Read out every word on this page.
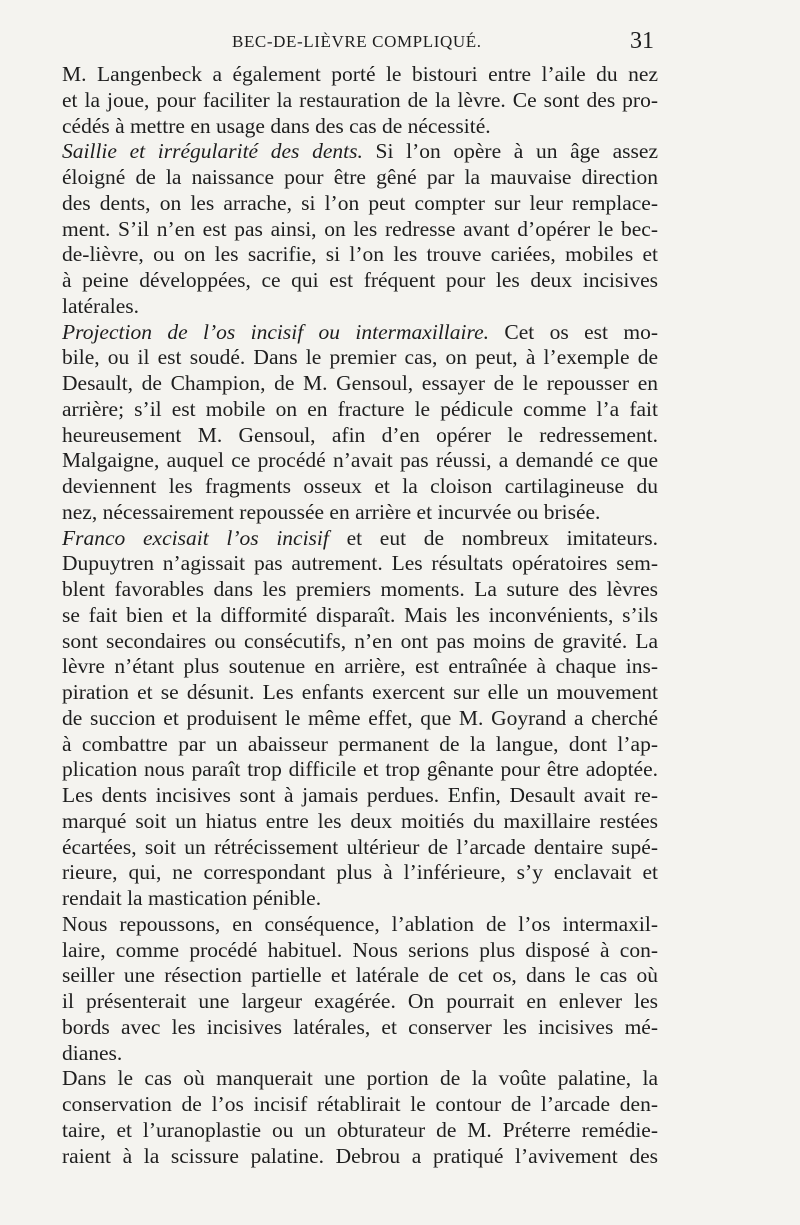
BEC-DE-LIÈVRE COMPLIQUÉ.	31
M. Langenbeck a également porté le bistouri entre l’aile du nez
et la joue, pour faciliter la restauration de la lèvre. Ce sont des pro-
cédés à mettre en usage dans des cas de nécessité.
Saillie et irrégularité des dents. Si l’on opère à un âge assez
éloigné de la naissance pour être gêné par la mauvaise direction
des dents, on les arrache, si l’on peut compter sur leur remplace-
ment. S’il n’en est pas ainsi, on les redresse avant d’opérer le bec-
de-lièvre, ou on les sacrifie, si l’on les trouve cariées, mobiles et
à peine développées, ce qui est fréquent pour les deux incisives
latérales.
Projection de l’os incisif ou intermaxillaire. Cet os est mo-
bile, ou il est soudé. Dans le premier cas, on peut, à l’exemple de
Desault, de Champion, de M. Gensoul, essayer de le repousser en
arrière; s’il est mobile on en fracture le pédicule comme l’a fait
heureusement M. Gensoul, afin d’en opérer le redressement.
Malgaigne, auquel ce procédé n’avait pas réussi, a demandé ce que
deviennent les fragments osseux et la cloison cartilagineuse du
nez, nécessairement repoussée en arrière et incurvée ou brisée.
Franco excisait l’os incisif et eut de nombreux imitateurs.
Dupuytren n’agissait pas autrement. Les résultats opératoires sem-
blent favorables dans les premiers moments. La suture des lèvres
se fait bien et la difformité disparaît. Mais les inconvénients, s’ils
sont secondaires ou consécutifs, n’en ont pas moins de gravité. La
lèvre n’étant plus soutenue en arrière, est entraînée à chaque ins-
piration et se désunit. Les enfants exercent sur elle un mouvement
de succion et produisent le même effet, que M. Goyrand a cherché
à combattre par un abaisseur permanent de la langue, dont l’ap-
plication nous paraît trop difficile et trop gênante pour être adoptée.
Les dents incisives sont à jamais perdues. Enfin, Desault avait re-
marqué soit un hiatus entre les deux moitiés du maxillaire restées
écartées, soit un rétrécissement ultérieur de l’arcade dentaire supé-
rieure, qui, ne correspondant plus à l’inférieure, s’y enclavait et
rendait la mastication pénible.
Nous repoussons, en conséquence, l’ablation de l’os intermaxil-
laire, comme procédé habituel. Nous serions plus disposé à con-
seiller une résection partielle et latérale de cet os, dans le cas où
il présenterait une largeur exagérée. On pourrait en enlever les
bords avec les incisives latérales, et conserver les incisives mé-
dianes.
Dans le cas où manquerait une portion de la voûte palatine, la
conservation de l’os incisif rétablirait le contour de l’arcade den-
taire, et l’uranoplastie ou un obturateur de M. Préterre remédie-
raient à la scissure palatine. Debrou a pratiqué l’avivement des
